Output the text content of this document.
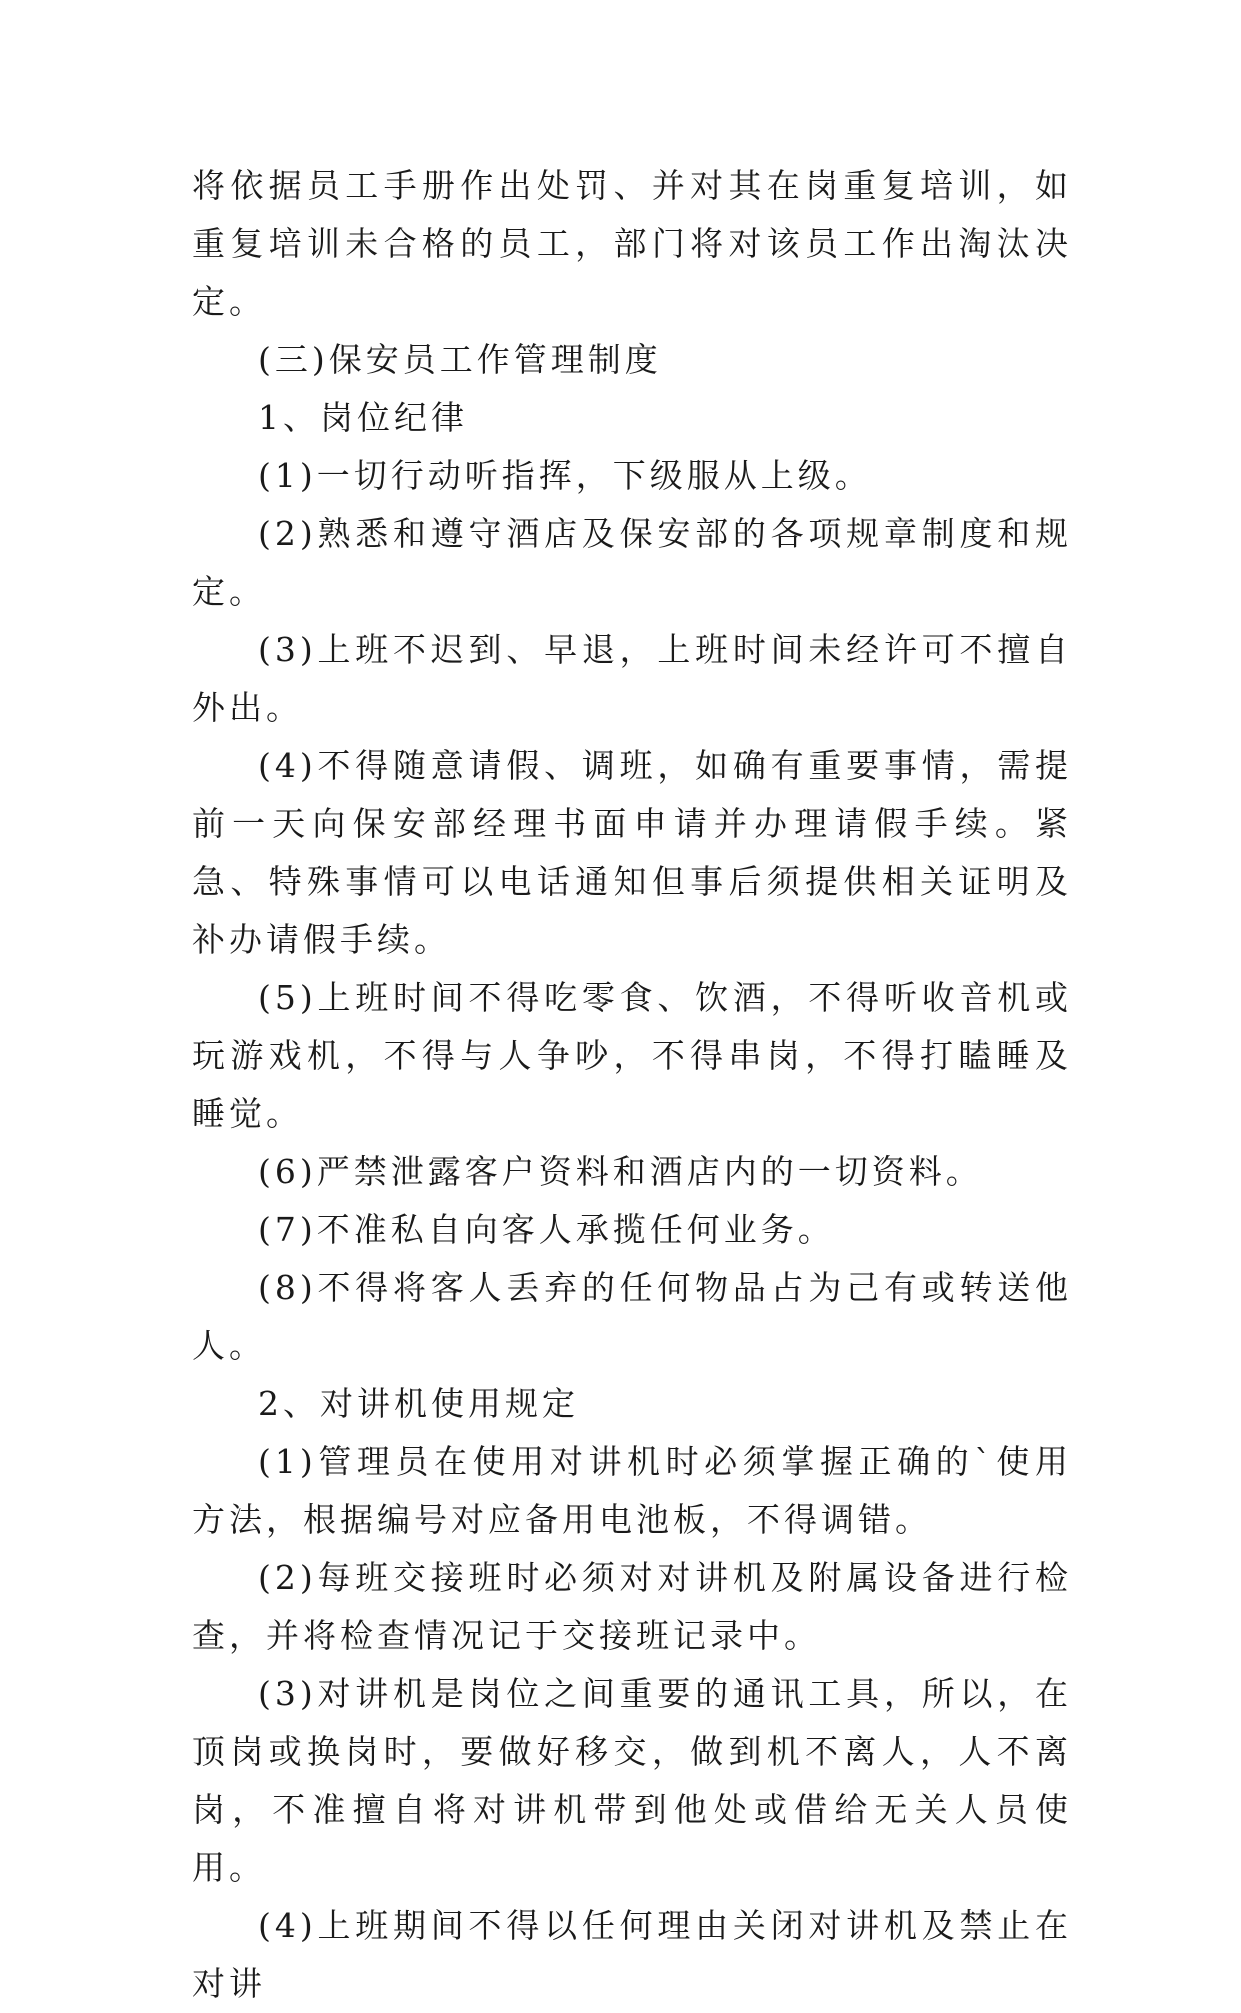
将依据员工手册作出处罚、并对其在岗重复培训，如重复培训未合格的员工，部门将对该员工作出淘汰决定。

(三)保安员工作管理制度

1、岗位纪律

(1)一切行动听指挥，下级服从上级。

(2)熟悉和遵守酒店及保安部的各项规章制度和规定。

(3)上班不迟到、早退，上班时间未经许可不擅自外出。

(4)不得随意请假、调班，如确有重要事情，需提前一天向保安部经理书面申请并办理请假手续。紧急、特殊事情可以电话通知但事后须提供相关证明及补办请假手续。

(5)上班时间不得吃零食、饮酒，不得听收音机或玩游戏机，不得与人争吵，不得串岗，不得打瞌睡及睡觉。

(6)严禁泄露客户资料和酒店内的一切资料。

(7)不准私自向客人承揽任何业务。

(8)不得将客人丢弃的任何物品占为己有或转送他人。

2、对讲机使用规定

(1)管理员在使用对讲机时必须掌握正确的`使用方法，根据编号对应备用电池板，不得调错。

(2)每班交接班时必须对对讲机及附属设备进行检查，并将检查情况记于交接班记录中。

(3)对讲机是岗位之间重要的通讯工具，所以，在顶岗或换岗时，要做好移交，做到机不离人，人不离岗，不准擅自将对讲机带到他处或借给无关人员使用。

(4)上班期间不得以任何理由关闭对讲机及禁止在对讲
